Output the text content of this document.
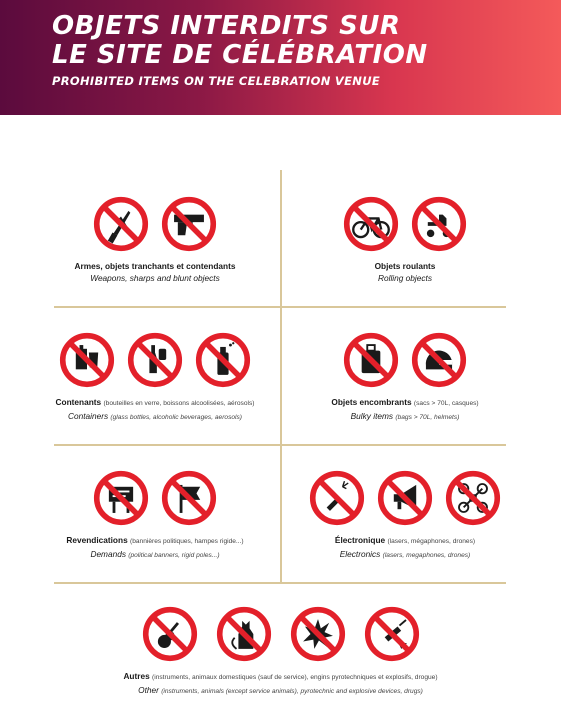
OBJETS INTERDITS SUR
LE SITE DE CÉLÉBRATION
PROHIBITED ITEMS ON THE CELEBRATION VENUE
Armes, objets tranchants et contendants
Weapons, sharps and blunt objects
Objets roulants
Rolling objects
Contenants (bouteilles en verre, boissons alcoolisées, aérosols)
Containers (glass bottles, alcoholic beverages, aerosols)
Objets encombrants (sacs > 70L, casques)
Bulky items (bags > 70L, helmets)
Revendications (bannières politiques, hampes rigide...)
Demands (political banners, rigid poles...)
Électronique (lasers, mégaphones, drones)
Electronics (lasers, megaphones, drones)
Autres (instruments, animaux domestiques (sauf de service), engins pyrotechniques et explosifs, drogue)
Other (instruments, animals (except service animals), pyrotechnic and explosive devices, drugs)
